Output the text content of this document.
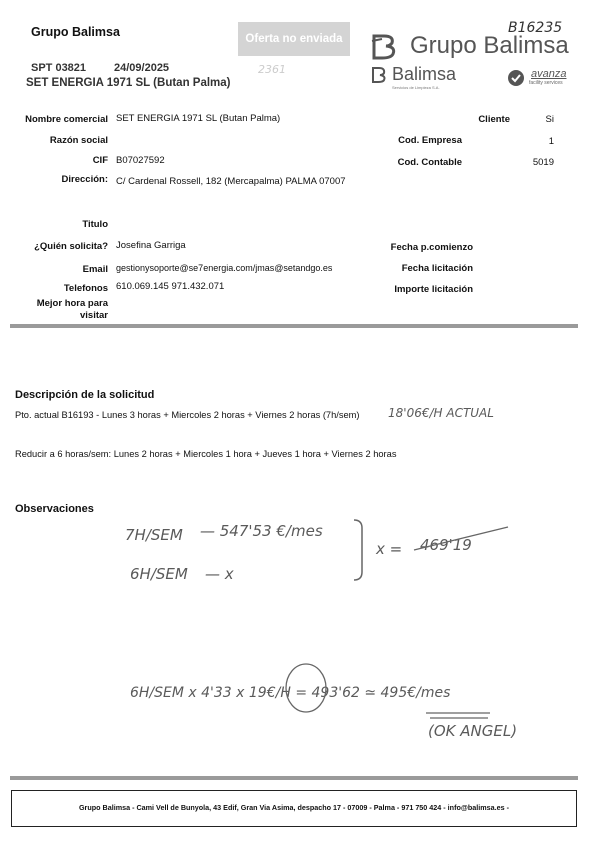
Grupo Balimsa	Oferta no enviada
B16235
Grupo Balimsa
SPT 03821	24/09/2025	2361
SET ENERGIA 1971 SL (Butan Palma)	Balimsa
Servicios de Limpieza S.A.
avanza
facility services
Nombre comercial SET ENERGIA 1971 SL (Butan Palma)	Cliente	Si
Razón social	Cod. Empresa	1
CIF B07027592	Cod. Contable	5019
Dirección: C/ Cardenal Rossell, 182 (Mercapalma) PALMA 07007
Titulo
¿Quién solicita? Josefina Garriga	Fecha p.comienzo
Email gestionysoporte@se7energia.com/jmas@setandgo.es	Fecha licitación
Telefonos 610.069.145 971.432.071	Importe licitación
Mejor hora para
visitar
Descripción de la solicitud
Pto. actual B16193 - Lunes 3 horas + Miercoles 2 horas + Viernes 2 horas (7h/sem) 18'06€/H ACTUAL
Reducir a 6 horas/sem: Lunes 2 horas + Miercoles 1 hora + Jueves 1 hora + Viernes 2 horas
Observaciones
7H/SEM — 547'53 €/mes
6H/SEM — x
x = 469'19
6H/SEM x 4'33 x 19€/H = 493'62 ≃ 495€/mes
(OK ANGEL)
Grupo Balimsa - Cami Vell de Bunyola, 43 Edif, Gran Via Asima, despacho 17 - 07009 - Palma - 971 750 424 - info@balimsa.es -
